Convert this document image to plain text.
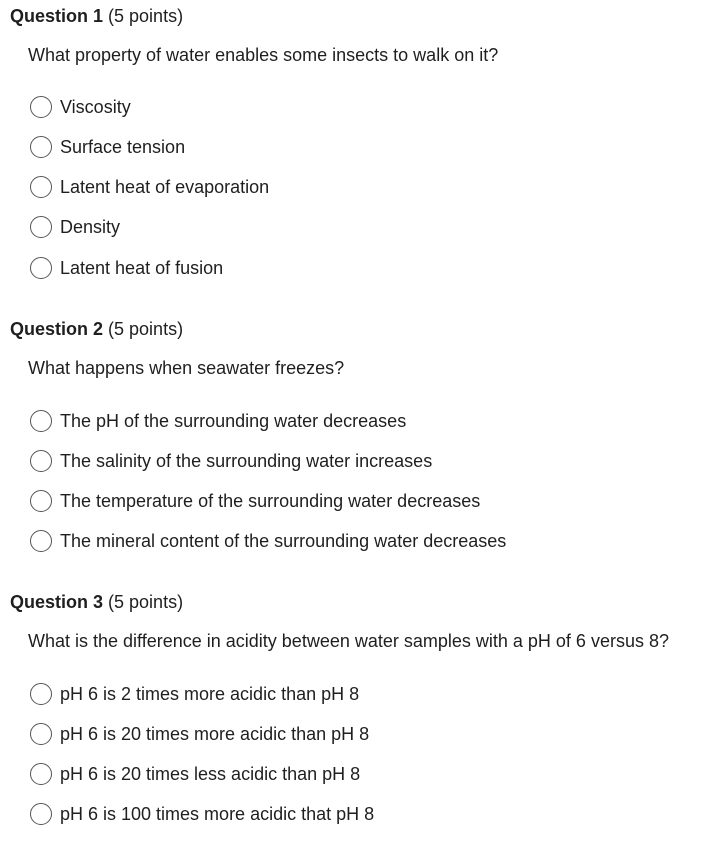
Question 1 (5 points)
What property of water enables some insects to walk on it?
Viscosity
Surface tension
Latent heat of evaporation
Density
Latent heat of fusion
Question 2 (5 points)
What happens when seawater freezes?
The pH of the surrounding water decreases
The salinity of the surrounding water increases
The temperature of the surrounding water decreases
The mineral content of the surrounding water decreases
Question 3 (5 points)
What is the difference in acidity between water samples with a pH of 6 versus 8?
pH 6 is 2 times more acidic than pH 8
pH 6 is 20 times more acidic than pH 8
pH 6 is 20 times less acidic than pH 8
pH 6 is 100 times more acidic that pH 8
